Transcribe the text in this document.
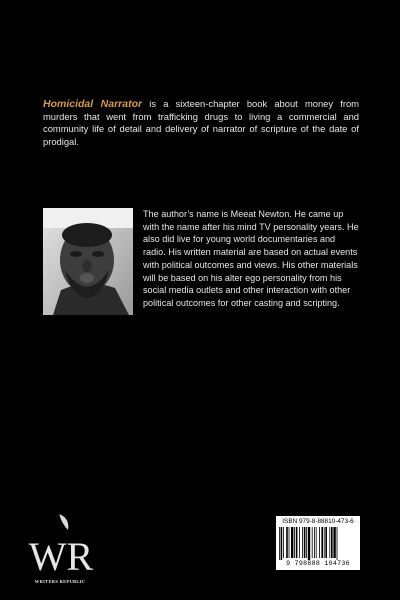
Homicidal Narrator is a sixteen-chapter book about money from murders that went from trafficking drugs to living a commercial and community life of detail and delivery of narrator of scripture of the date of prodigal.

The author’s name is Meeat Newton. He came up with the name after his mind TV personality years. He also did live for young world documentaries and radio. His written material are based on actual events with political outcomes and views. His other materials will be based on his alter ego personality from his social media outlets and other interaction with other political outcomes for other casting and scripting.

WR
WRITERS REPUBLIC
ISBN 979-8-88810-473-6
9 798888 104736
